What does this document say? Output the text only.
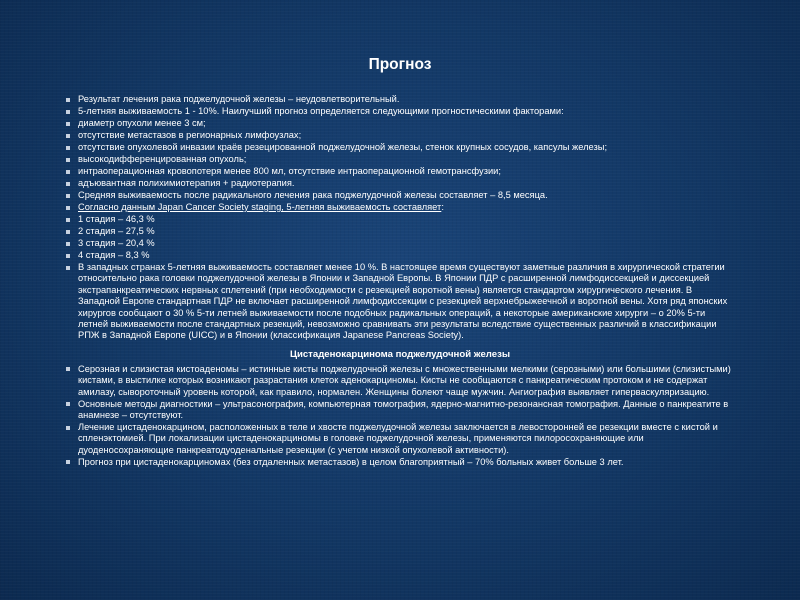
Прогноз
Результат лечения рака поджелудочной железы – неудовлетворительный.
5-летняя выживаемость 1 - 10%. Наилучший прогноз определяется следующими прогностическими факторами:
диаметр опухоли менее 3 см;
отсутствие метастазов в регионарных лимфоузлах;
отсутствие опухолевой инвазии краёв резецированной поджелудочной железы, стенок крупных сосудов, капсулы железы;
высокодифференцированная опухоль;
интраоперационная кровопотеря менее 800 мл, отсутствие интраоперационной гемотрансфузии;
адъювантная полихимиотерапия + радиотерапия.
Средняя выживаемость после радикального лечения рака поджелудочной железы составляет – 8,5 месяца.
Согласно данным Japan Cancer Society staging, 5-летняя выживаемость составляет:
1 стадия – 46,3 %
2 стадия – 27,5 %
3 стадия – 20,4 %
4 стадия – 8,3 %
В западных странах 5-летняя выживаемость составляет менее 10 %. В настоящее время существуют заметные различия в хирургической стратегии относительно рака головки поджелудочной железы в Японии и Западной Европы. В Японии ПДР с расширенной лимфодиссекцией и диссекцией экстрапанкреатических нервных сплетений (при необходимости с резекцией воротной вены) является стандартом хирургического лечения. В Западной Европе стандартная ПДР не включает расширенной лимфодиссекции с резекцией верхнебрыжеечной и воротной вены. Хотя ряд японских хирургов сообщают о 30 % 5-ти летней выживаемости после подобных радикальных операций, а некоторые американские хирурги – о 20% 5-ти летней выживаемости после стандартных резекций, невозможно сравнивать эти результаты вследствие существенных различий в классификации РПЖ в Западной Европе (UICC) и в Японии (классификация Japanese Pancreas Society).
Цистаденокарцинома поджелудочной железы
Серозная и слизистая кистоаденомы – истинные кисты поджелудочной железы с множественными мелкими (серозными) или большими (слизистыми) кистами, в выстилке которых возникают разрастания клеток аденокарциномы. Кисты не сообщаются с панкреатическим протоком и не содержат амилазу, сывороточный уровень которой, как правило, нормален. Женщины болеют чаще мужчин. Ангиография выявляет гиперваскуляризацию.
Основные методы диагностики – ультрасонография, компьютерная томография, ядерно-магнитно-резонансная томография. Данные о панкреатите в анамнезе – отсутствуют.
Лечение цистаденокарцином, расположенных в теле и хвосте поджелудочной железы заключается в левосторонней ее резекции вместе с кистой и спленэктомией. При локализации цистаденокарциномы в головке поджелудочной железы, применяются пилоросохраняющие или дуоденосохраняющие панкреатодуоденальные резекции (с учетом низкой опухолевой активности).
Прогноз при цистаденокарциномах (без отдаленных метастазов) в целом благоприятный – 70% больных живет больше 3 лет.
